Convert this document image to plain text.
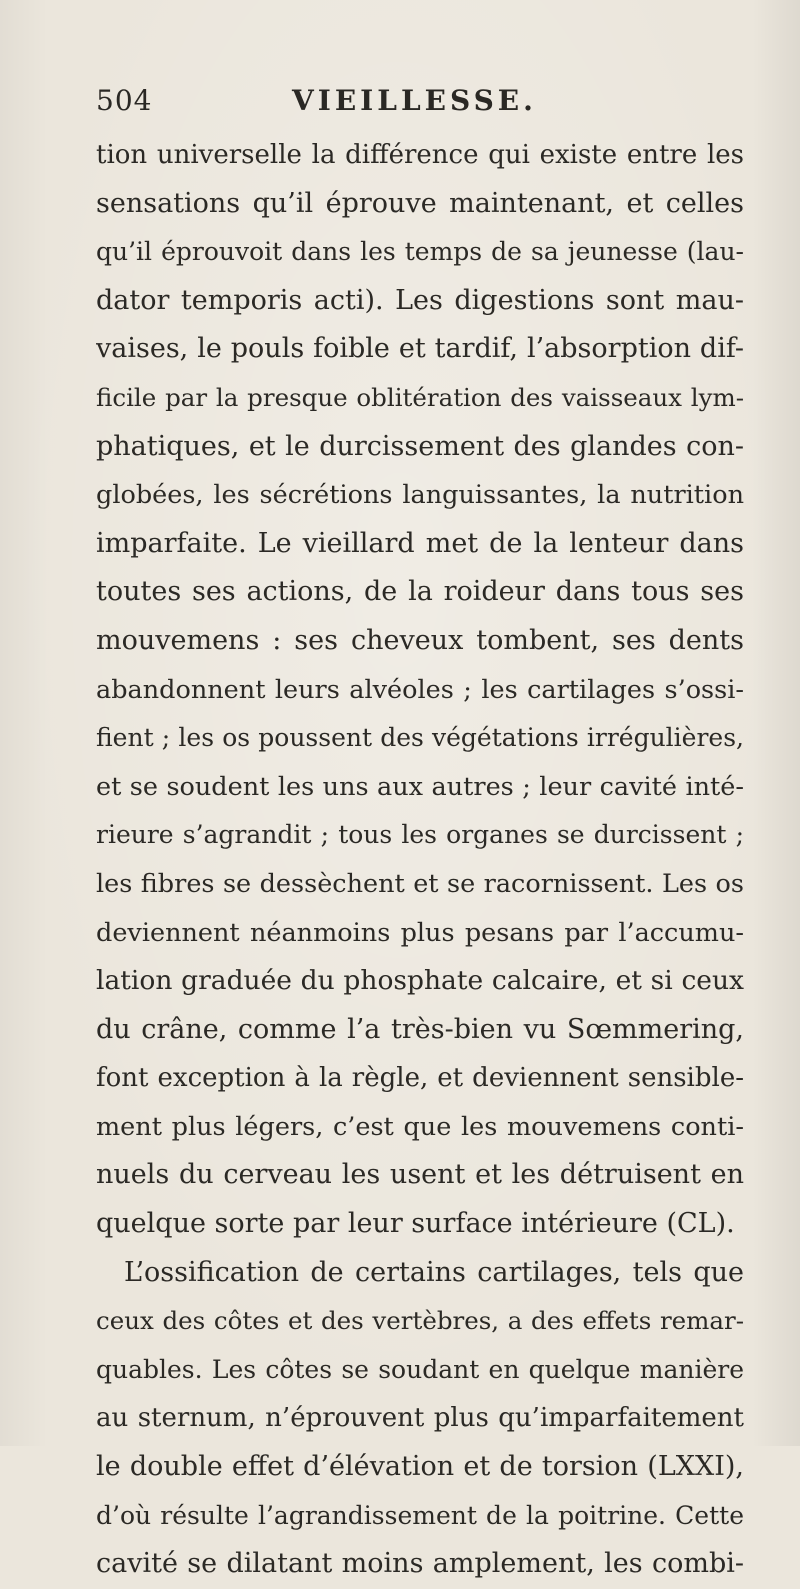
504	VIEILLESSE.
tion universelle la différence qui existe entre les
sensations qu’il éprouve maintenant, et celles
qu’il éprouvoit dans les temps de sa jeunesse (lau-
dator temporis acti). Les digestions sont mau-
vaises, le pouls foible et tardif, l’absorption dif-
ficile par la presque oblitération des vaisseaux lym-
phatiques, et le durcissement des glandes con-
globées, les sécrétions languissantes, la nutrition
imparfaite. Le vieillard met de la lenteur dans
toutes ses actions, de la roideur dans tous ses
mouvemens : ses cheveux tombent, ses dents
abandonnent leurs alvéoles ; les cartilages s’ossi-
fient ; les os poussent des végétations irrégulières,
et se soudent les uns aux autres ; leur cavité inté-
rieure s’agrandit ; tous les organes se durcissent ;
les fibres se dessèchent et se racornissent. Les os
deviennent néanmoins plus pesans par l’accumu-
lation graduée du phosphate calcaire, et si ceux
du crâne, comme l’a très-bien vu Sœmmering,
font exception à la règle, et deviennent sensible-
ment plus légers, c’est que les mouvemens conti-
nuels du cerveau les usent et les détruisent en
quelque sorte par leur surface intérieure (CL).
L’ossification de certains cartilages, tels que
ceux des côtes et des vertèbres, a des effets remar-
quables. Les côtes se soudant en quelque manière
au sternum, n’éprouvent plus qu’imparfaitement
le double effet d’élévation et de torsion (LXXI),
d’où résulte l’agrandissement de la poitrine. Cette
cavité se dilatant moins amplement, les combi-
